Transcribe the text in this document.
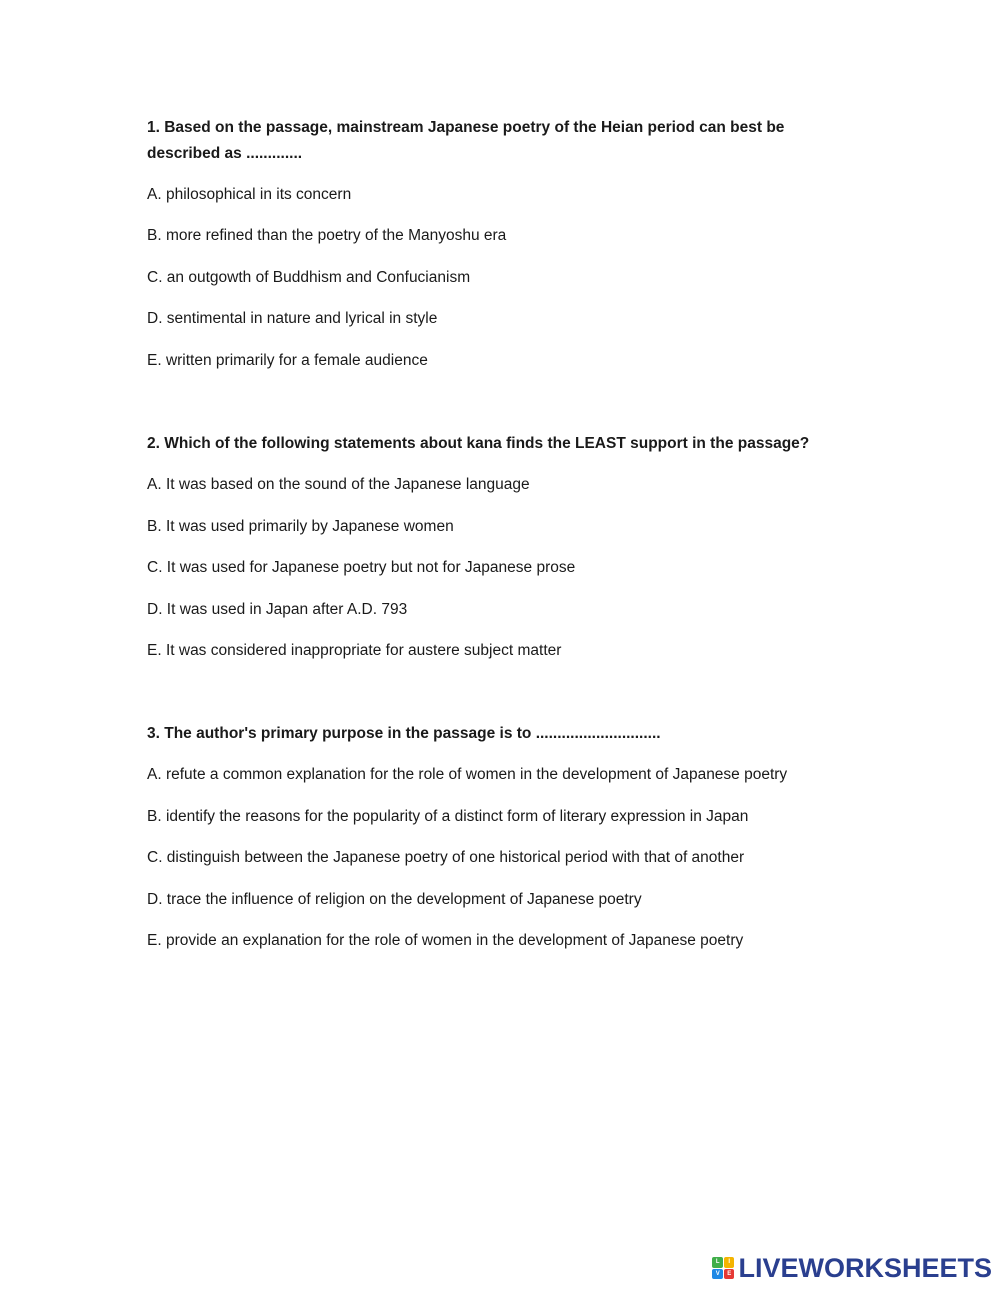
1. Based on the passage, mainstream Japanese poetry of the Heian period can best be described as .............

A. philosophical in its concern

B. more refined than the poetry of the Manyoshu era

C. an outgowth of Buddhism and Confucianism

D. sentimental in nature and lyrical in style

E. written primarily for a female audience

2. Which of the following statements about kana finds the LEAST support in the passage?

A. It was based on the sound of the Japanese language

B. It was used primarily by Japanese women

C. It was used for Japanese poetry but not for Japanese prose

D. It was used in Japan after A.D. 793

E. It was considered inappropriate for austere subject matter

3. The author's primary purpose in the passage is to .............................

A. refute a common explanation for the role of women in the development of Japanese poetry

B. identify the reasons for the popularity of a distinct form of literary expression in Japan

C. distinguish between the Japanese poetry of one historical period with that of another

D. trace the influence of religion on the development of Japanese poetry

E. provide an explanation for the role of women in the development of Japanese poetry

L	I
V	E LIVEWORKSHEETS
